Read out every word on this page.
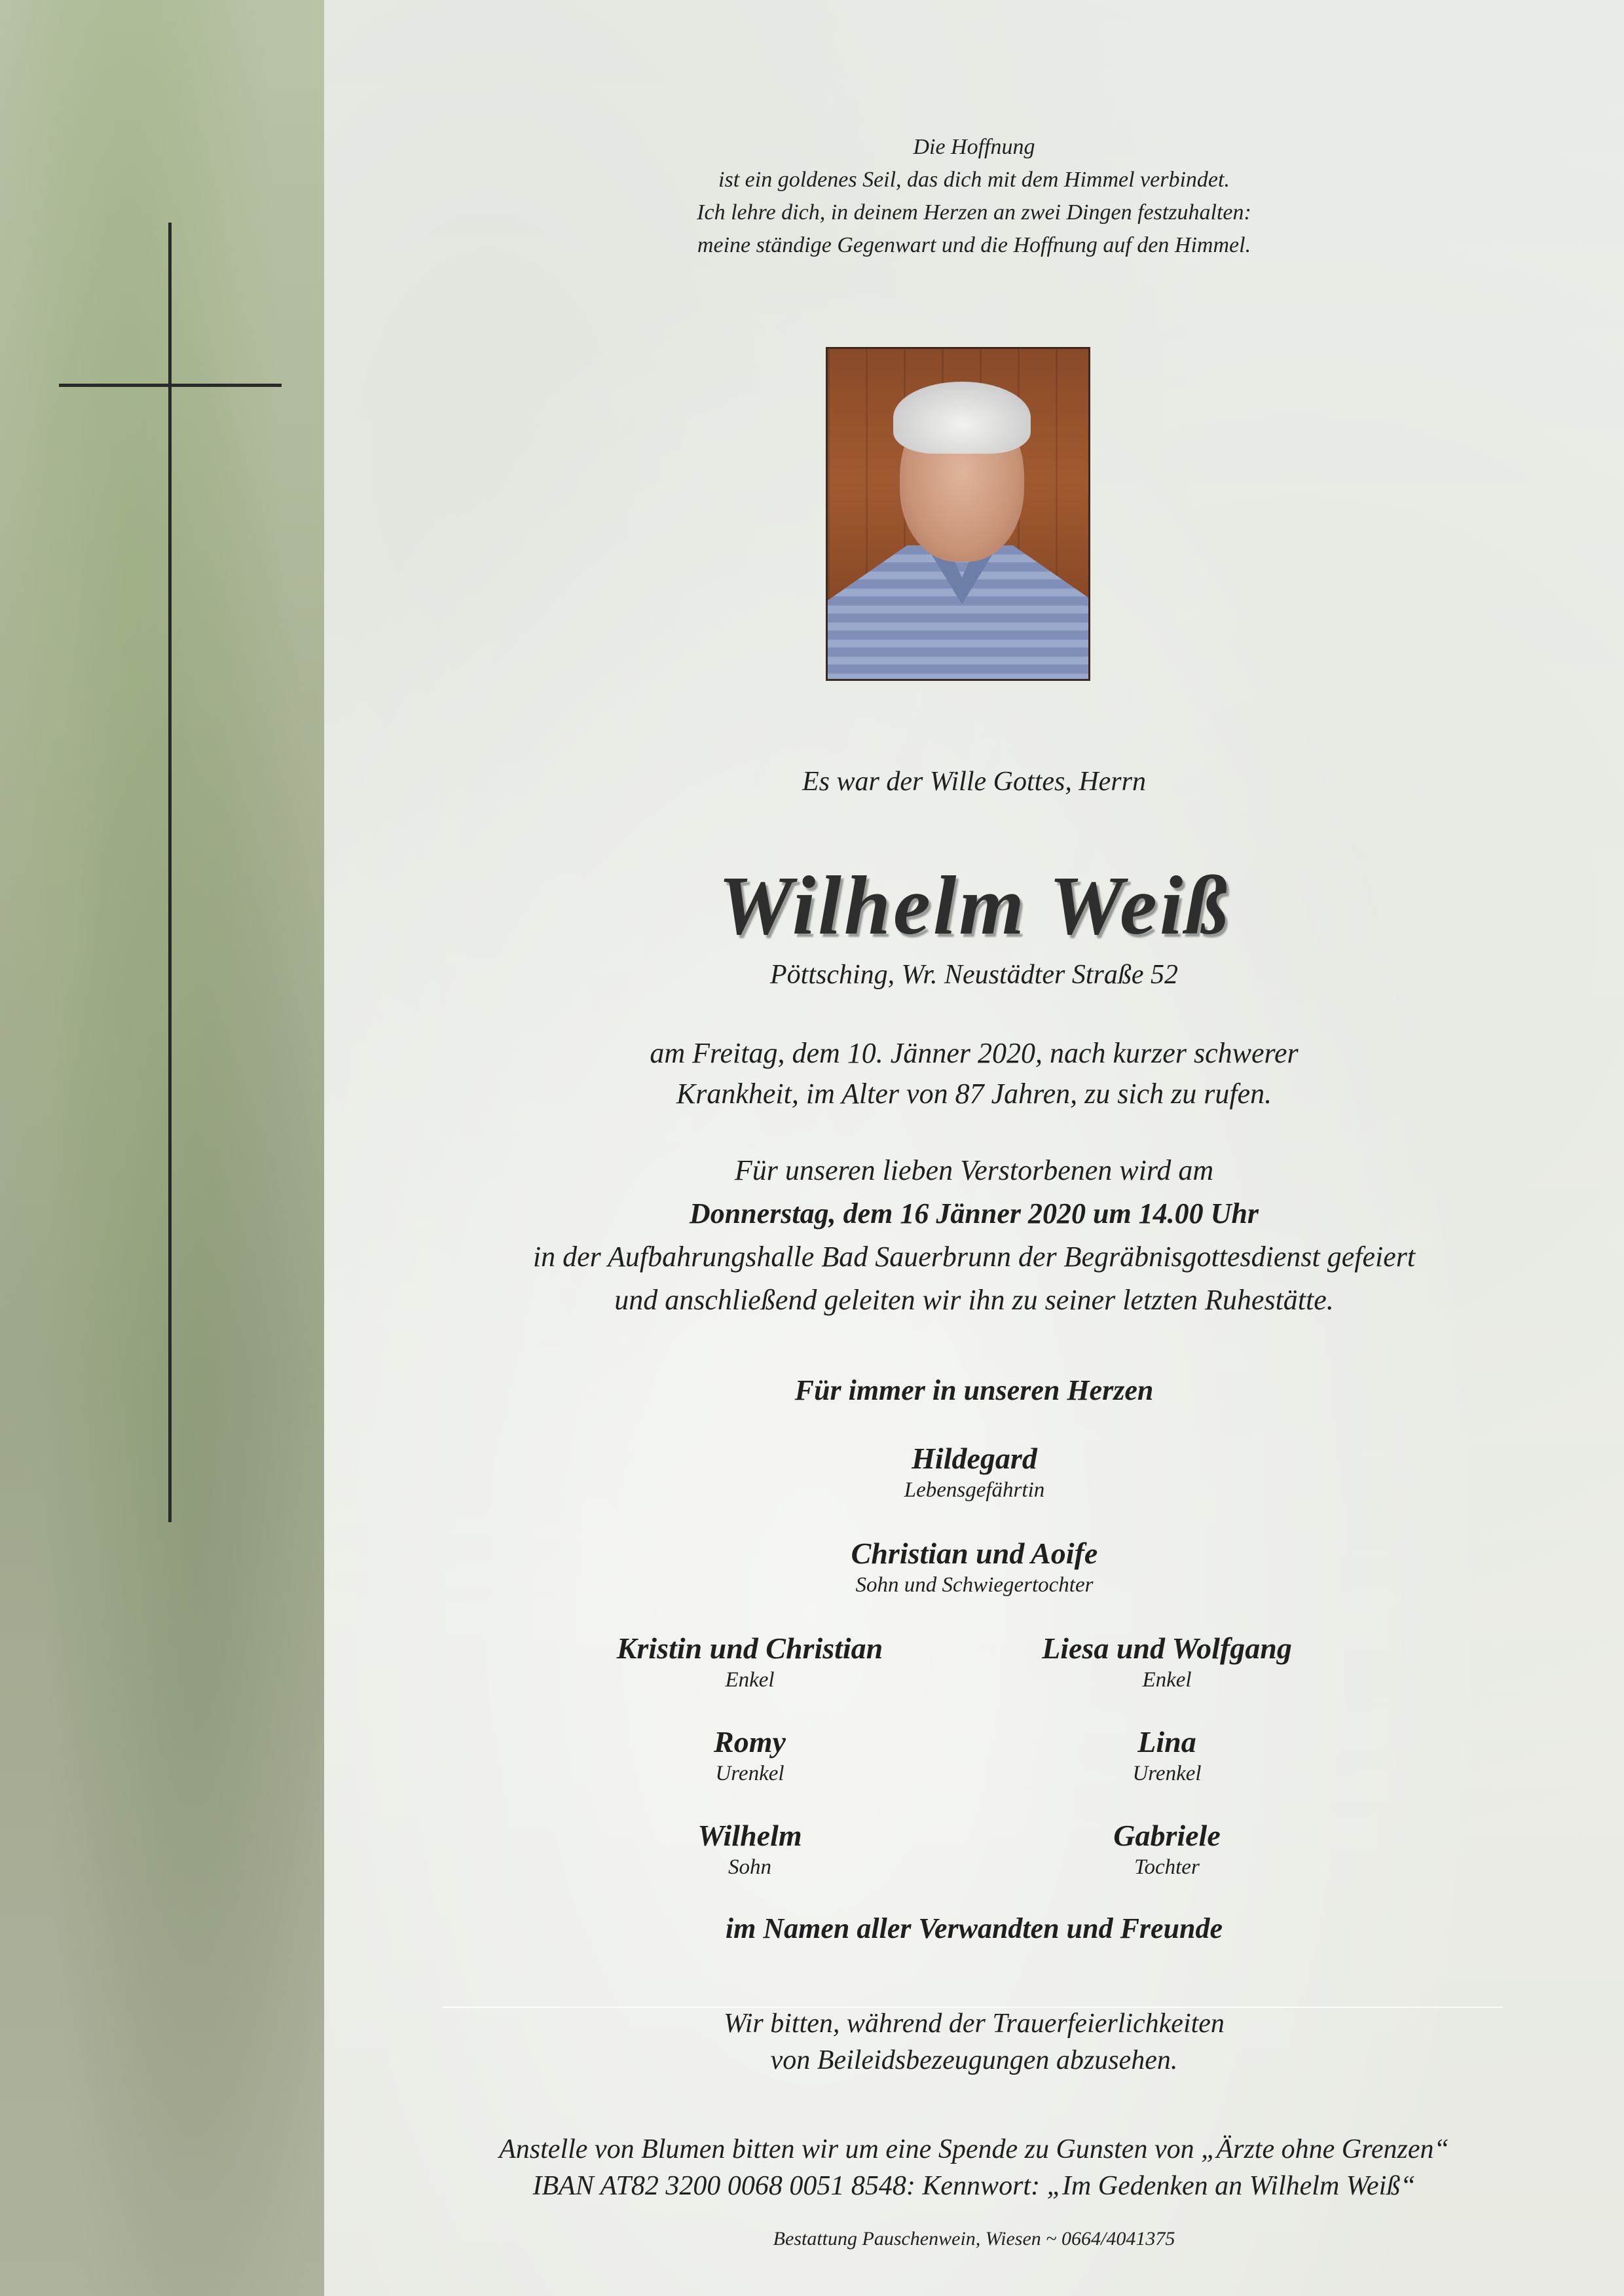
Die Hoffnung
ist ein goldenes Seil, das dich mit dem Himmel verbindet.
Ich lehre dich, in deinem Herzen an zwei Dingen festzuhalten:
meine ständige Gegenwart und die Hoffnung auf den Himmel.
Es war der Wille Gottes, Herrn
Wilhelm Weiß
Pöttsching, Wr. Neustädter Straße 52
am Freitag, dem 10. Jänner 2020, nach kurzer schwerer
Krankheit, im Alter von 87 Jahren, zu sich zu rufen.
Für unseren lieben Verstorbenen wird am
Donnerstag, dem 16 Jänner 2020 um 14.00 Uhr
in der Aufbahrungshalle Bad Sauerbrunn der Begräbnisgottesdienst gefeiert
und anschließend geleiten wir ihn zu seiner letzten Ruhestätte.
Für immer in unseren Herzen
Hildegard
Lebensgefährtin
Christian und Aoife
Sohn und Schwiegertochter
Kristin und Christian
Enkel
Liesa und Wolfgang
Enkel
Romy
Urenkel
Lina
Urenkel
Wilhelm
Sohn
Gabriele
Tochter
im Namen aller Verwandten und Freunde
Wir bitten, während der Trauerfeierlichkeiten
von Beileidsbezeugungen abzusehen.
Anstelle von Blumen bitten wir um eine Spende zu Gunsten von „Ärzte ohne Grenzen“
IBAN AT82 3200 0068 0051 8548: Kennwort: „Im Gedenken an Wilhelm Weiß“
Bestattung Pauschenwein, Wiesen ~ 0664/4041375
